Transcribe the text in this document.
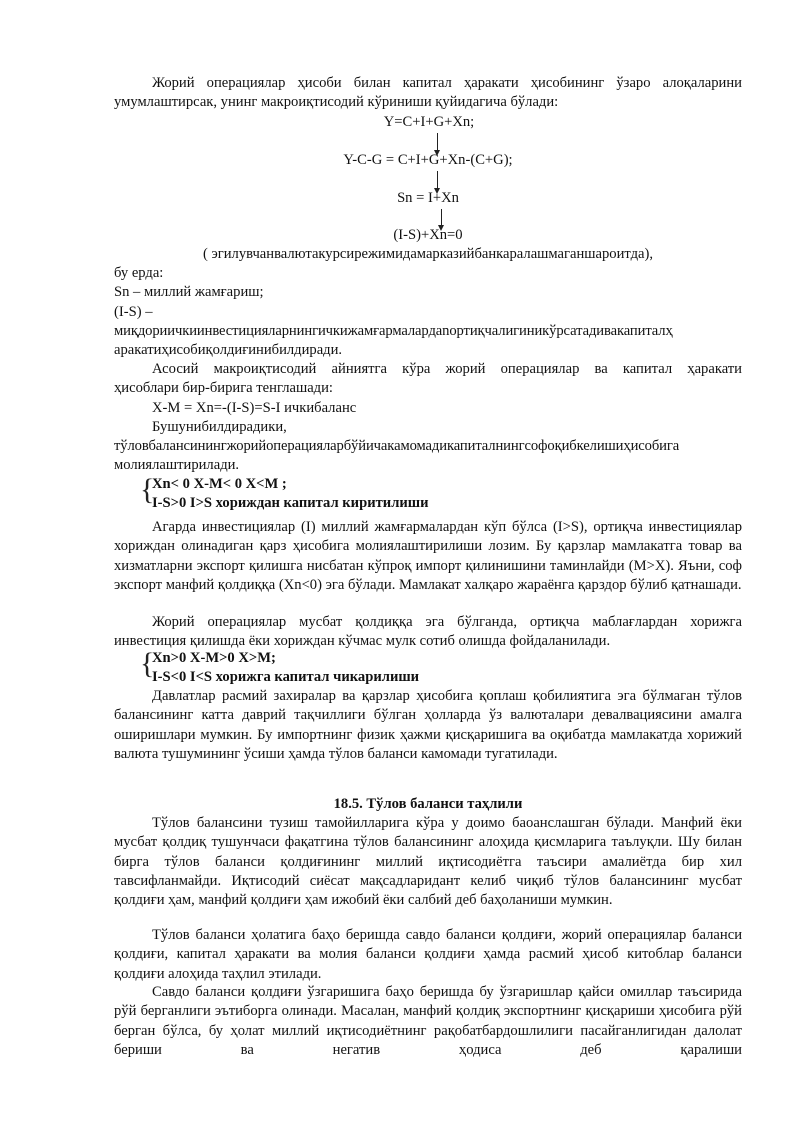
Жорий операциялар ҳисоби билан капитал ҳаракати ҳисобининг ўзаро алоқаларини

умумлаштирсак, унинг макроиқтисодий кўриниши қуйидагича бўлади:

Y=C+I+G+Xn;
Y-C-G = C+I+G+Xn-(C+G);
Sn = I+Xn
(I-S)+Xn=0
( эгилувчанвалютакурсирежимидамарказийбанкаралашмаганшароитда),

бу ерда:

Sn – миллий жамғариш;

(I-S) –

миқдориичкиинвестицияларнингичкижамғармалардanортиқчалигиникўрсатадивакапиталҳ

аракатиҳисобиқолдиғинибилдиради.

Асосий макроиқтисодий айниятга кўра жорий операциялар ва капитал ҳаракати

ҳисоблари бир-бирига тенглашади:

X-M = Xn=-(I-S)=S-I ичкибаланс

Бушунибилдирадики,

тўловбалансинингжорийоперацияларбўйичакамомадикапиталнингсофоқибкелишиҳисобига

молиялаштирилади.

{

Xn< 0 X-M< 0 X<M ;

I-S>0 I>S хориждан капитал киритилиши

Агарда инвестициялар (I) миллий жамғармалардан кўп бўлса (I>S), ортиқча инвестициялар хориждан олинадиган қарз ҳисобига молиялаштирилиши лозим. Бу қарзлар мамлакатга товар ва хизматларни экспорт қилишга нисбатан кўпроқ импорт қилинишини таминлайди (M>X). Яъни, соф экспорт манфий қолдиққа (Xn<0) эга бўлади. Мамлакат халқаро жараёнга қарздор бўлиб қатнашади.

Жорий операциялар мусбат қолдиққа эга бўлганда, ортиқча маблағлардан хорижга инвестиция қилишда ёки хориждан кўчмас мулк сотиб олишда фойдаланилади.

{

Xn>0 X-M>0 X>M;

I-S<0 I<S хорижга капитал чикарилиши

Давлатлар расмий захиралар ва қарзлар ҳисобига қоплаш қобилиятига эга бўлмаган тўлов балансининг катта даврий тақчиллиги бўлган ҳолларда ўз валюталари девалвациясини амалга оширишлари мумкин. Бу импортнинг физик ҳажми қисқаришига ва оқибатда мамлакатда хорижий валюта тушумининг ўсиши ҳамда тўлов баланси камомади тугатилади.

18.5. Тўлов баланси таҳлили

Тўлов балансини тузиш тамойилларига кўра у доимо баоанслашган бўлади. Манфий ёки мусбат қолдиқ тушунчаси фақатгина тўлов балансининг алоҳида қисмларига таълуқли. Шу билан бирга тўлов баланси қолдиғининг миллий иқтисодиётга таъсири амалиётда бир хил тавсифланмайди. Иқтисодий сиёсат мақсадларидант келиб чиқиб тўлов балансининг мусбат қолдиғи ҳам, манфий қолдиғи ҳам ижобий ёки салбий деб баҳоланиши мумкин.

Тўлов баланси ҳолатига баҳо беришда савдо баланси қолдиғи, жорий операциялар баланси қолдиғи, капитал ҳаракати ва молия баланси қолдиғи ҳамда расмий ҳисоб китоблар баланси қолдиғи алоҳида таҳлил этилади.

Савдо баланси қолдиғи ўзгаришига баҳо беришда бу ўзгаришлар қайси омиллар таъсирида рўй берганлиги эътиборга олинади. Масалан, манфий қолдиқ экспортнинг қисқариши ҳисобига рўй берган бўлса, бу ҳолат миллий иқтисодиётнинг рақобатбардошлилиги пасайганлигидан далолат бериши ва негатив ҳодиса деб қаралиши
